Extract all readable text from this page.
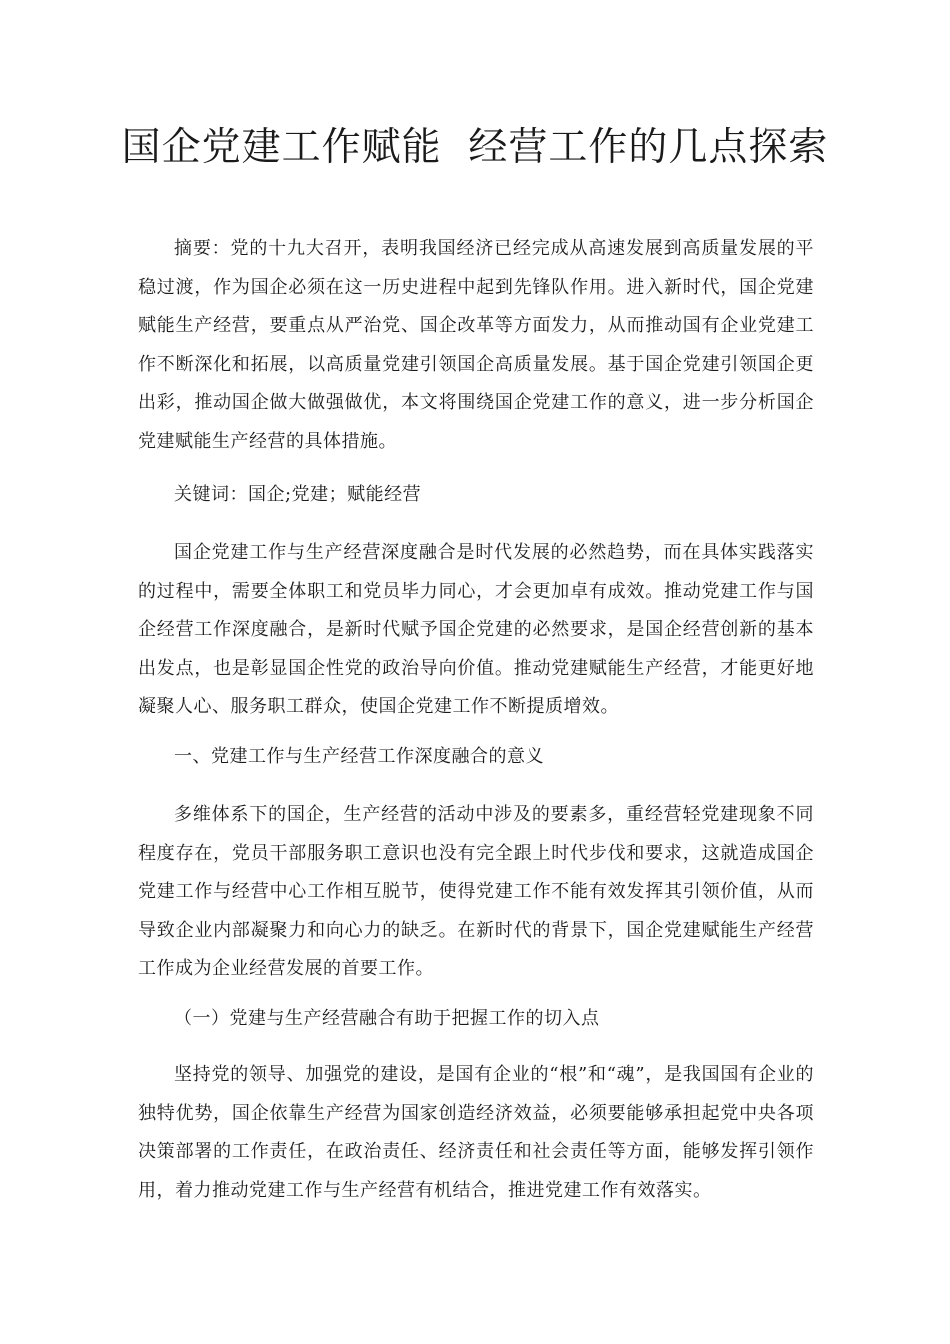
国企党建工作赋能  经营工作的几点探索

摘要：党的十九大召开，表明我国经济已经完成从高速发展到高质量发展的平稳过渡，作为国企必须在这一历史进程中起到先锋队作用。进入新时代，国企党建赋能生产经营，要重点从严治党、国企改革等方面发力，从而推动国有企业党建工作不断深化和拓展，以高质量党建引领国企高质量发展。基于国企党建引领国企更出彩，推动国企做大做强做优，本文将围绕国企党建工作的意义，进一步分析国企党建赋能生产经营的具体措施。

关键词：国企;党建；赋能经营

国企党建工作与生产经营深度融合是时代发展的必然趋势，而在具体实践落实的过程中，需要全体职工和党员毕力同心，才会更加卓有成效。推动党建工作与国企经营工作深度融合，是新时代赋予国企党建的必然要求，是国企经营创新的基本出发点，也是彰显国企性党的政治导向价值。推动党建赋能生产经营，才能更好地凝聚人心、服务职工群众，使国企党建工作不断提质增效。

一、党建工作与生产经营工作深度融合的意义

多维体系下的国企，生产经营的活动中涉及的要素多，重经营轻党建现象不同程度存在，党员干部服务职工意识也没有完全跟上时代步伐和要求，这就造成国企党建工作与经营中心工作相互脱节，使得党建工作不能有效发挥其引领价值，从而导致企业内部凝聚力和向心力的缺乏。在新时代的背景下，国企党建赋能生产经营工作成为企业经营发展的首要工作。

（一）党建与生产经营融合有助于把握工作的切入点

坚持党的领导、加强党的建设，是国有企业的“根”和“魂”，是我国国有企业的独特优势，国企依靠生产经营为国家创造经济效益，必须要能够承担起党中央各项决策部署的工作责任，在政治责任、经济责任和社会责任等方面，能够发挥引领作用，着力推动党建工作与生产经营有机结合，推进党建工作有效落实。
